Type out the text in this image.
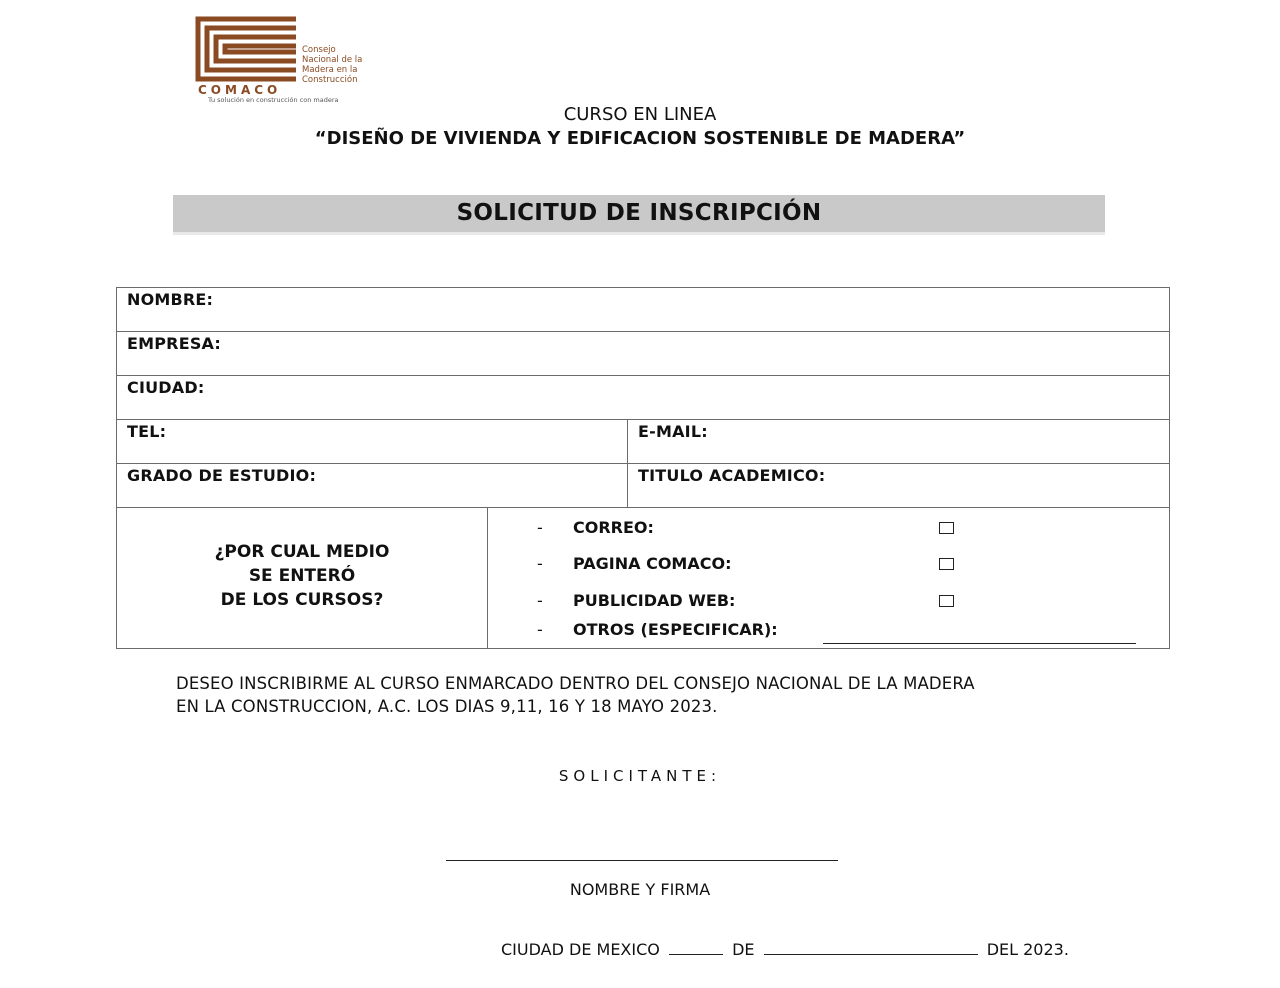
Consejo
Nacional de la
Madera en la
Construcción
COMACO
Tu solución en construcción con madera
CURSO EN LINEA
“DISEÑO DE VIVIENDA Y EDIFICACION SOSTENIBLE DE MADERA”
SOLICITUD DE INSCRIPCIÓN
NOMBRE:
EMPRESA:
CIUDAD:
TEL:	E-MAIL:
GRADO DE ESTUDIO:	TITULO ACADEMICO:
¿POR CUAL MEDIO
SE ENTERÓ
DE LOS CURSOS?
- CORREO:
- PAGINA COMACO:
- PUBLICIDAD WEB:
- OTROS (ESPECIFICAR):
DESEO INSCRIBIRME AL CURSO ENMARCADO DENTRO DEL CONSEJO NACIONAL DE LA MADERA
EN LA CONSTRUCCION, A.C. LOS DIAS 9,11, 16 Y 18 MAYO 2023.
SOLICITANTE:
NOMBRE Y FIRMA
CIUDAD DE MEXICO	DE	DEL 2023.
